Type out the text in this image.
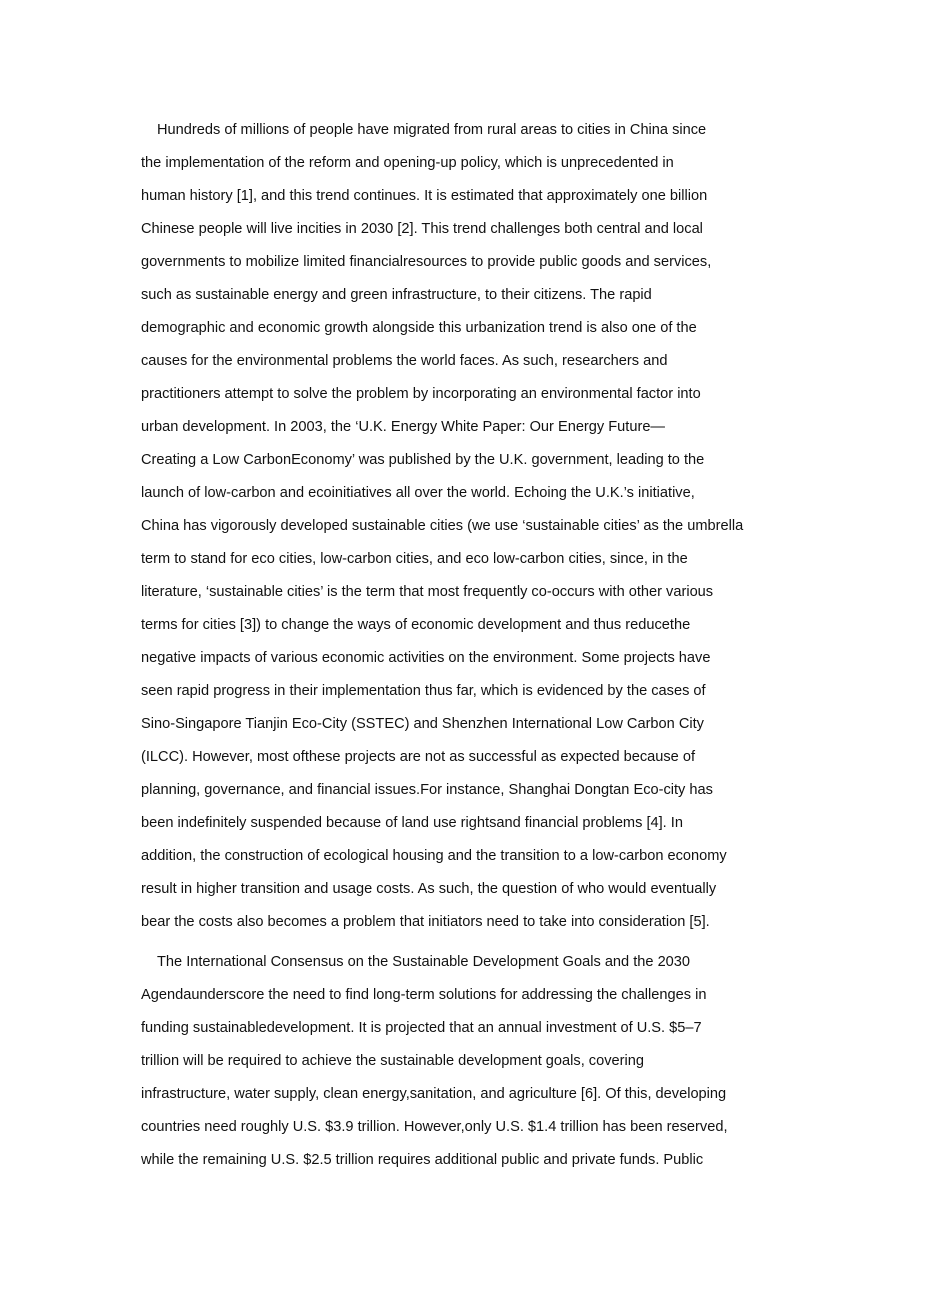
Hundreds of millions of people have migrated from rural areas to cities in China since
the implementation of the reform and opening-up policy, which is unprecedented in
human history [1], and this trend continues. It is estimated that approximately one billion
Chinese people will live incities in 2030 [2]. This trend challenges both central and local
governments to mobilize limited financialresources to provide public goods and services,
such as sustainable energy and green infrastructure, to their citizens. The rapid
demographic and economic growth alongside this urbanization trend is also one of the
causes for the environmental problems the world faces. As such, researchers and
practitioners attempt to solve the problem by incorporating an environmental factor into
urban development. In 2003, the ‘U.K. Energy White Paper: Our Energy Future—
Creating a Low CarbonEconomy’ was published by the U.K. government, leading to the
launch of low-carbon and ecoinitiatives all over the world. Echoing the U.K.’s initiative,
China has vigorously developed sustainable cities (we use ‘sustainable cities’ as the umbrella
term to stand for eco cities, low-carbon cities, and eco low-carbon cities, since, in the
literature, ‘sustainable cities’ is the term that most frequently co-occurs with other various
terms for cities [3]) to change the ways of economic development and thus reducethe
negative impacts of various economic activities on the environment. Some projects have
seen rapid progress in their implementation thus far, which is evidenced by the cases of
Sino-Singapore Tianjin Eco-City (SSTEC) and Shenzhen International Low Carbon City
(ILCC). However, most ofthese projects are not as successful as expected because of
planning, governance, and financial issues.For instance, Shanghai Dongtan Eco-city has
been indefinitely suspended because of land use rightsand financial problems [4]. In
addition, the construction of ecological housing and the transition to a low-carbon economy
result in higher transition and usage costs. As such, the question of who would eventually
bear the costs also becomes a problem that initiators need to take into consideration [5].
The International Consensus on the Sustainable Development Goals and the 2030
Agendaunderscore the need to find long-term solutions for addressing the challenges in
funding sustainabledevelopment. It is projected that an annual investment of U.S. $5–7
trillion will be required to achieve the sustainable development goals, covering
infrastructure, water supply, clean energy,sanitation, and agriculture [6]. Of this, developing
countries need roughly U.S. $3.9 trillion. However,only U.S. $1.4 trillion has been reserved,
while the remaining U.S. $2.5 trillion requires additional public and private funds. Public
